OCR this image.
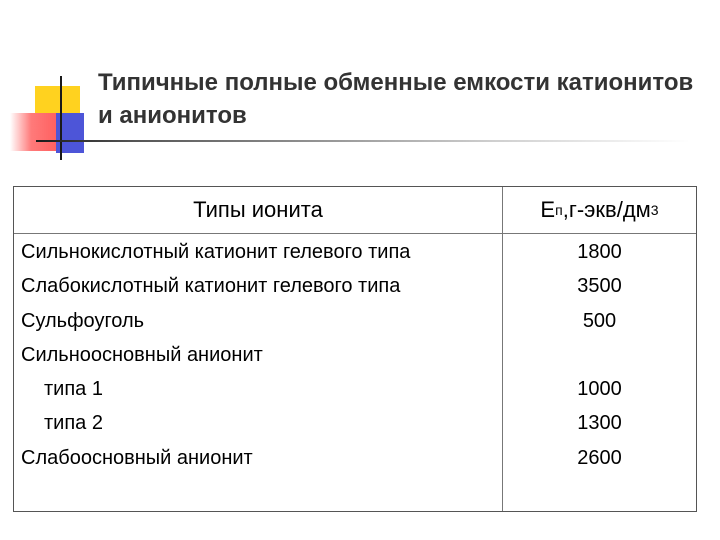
Типичные полные обменные емкости катионитов и анионитов
Типы ионита	E п ,г-экв/дм 3
Сильнокислотный катионит гелевого типа	1800
Слабокислотный катионит гелевого типа	3500
Сульфоуголь	500
Сильноосновный анионит
типа 1	1000
типа 2	1300
Слабоосновный анионит	2600
